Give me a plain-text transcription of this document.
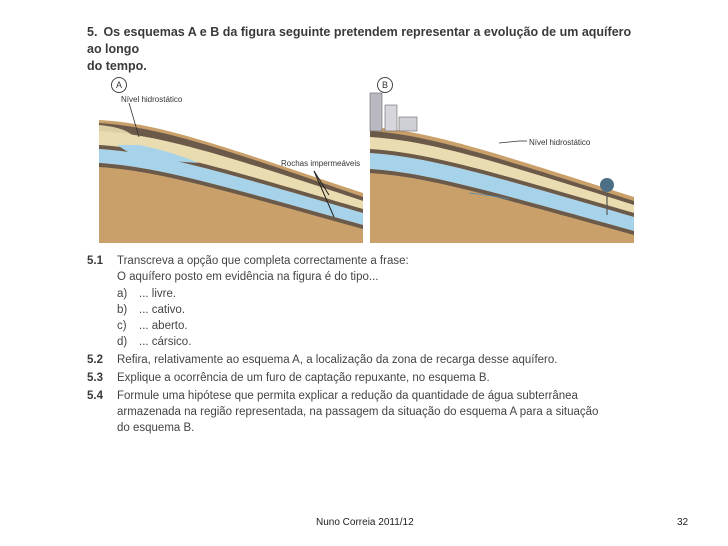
5. Os esquemas A e B da figura seguinte pretendem representar a evolução de um aquífero ao longo
do tempo.
A	B
Nível hidrostático
Nível hidrostático
Rochas impermeáveis
5.1 Transcreva a opção que completa correctamente a frase:
O aquífero posto em evidência na figura é do tipo...
a) ... livre.
b) ... cativo.
c) ... aberto.
d) ... cársico.
5.2 Refira, relativamente ao esquema A, a localização da zona de recarga desse aquífero.
5.3 Explique a ocorrência de um furo de captação repuxante, no esquema B.
5.4 Formule uma hipótese que permita explicar a redução da quantidade de água subterrânea
armazenada na região representada, na passagem da situação do esquema A para a situação
do esquema B.
Nuno Correia 2011/12	32
